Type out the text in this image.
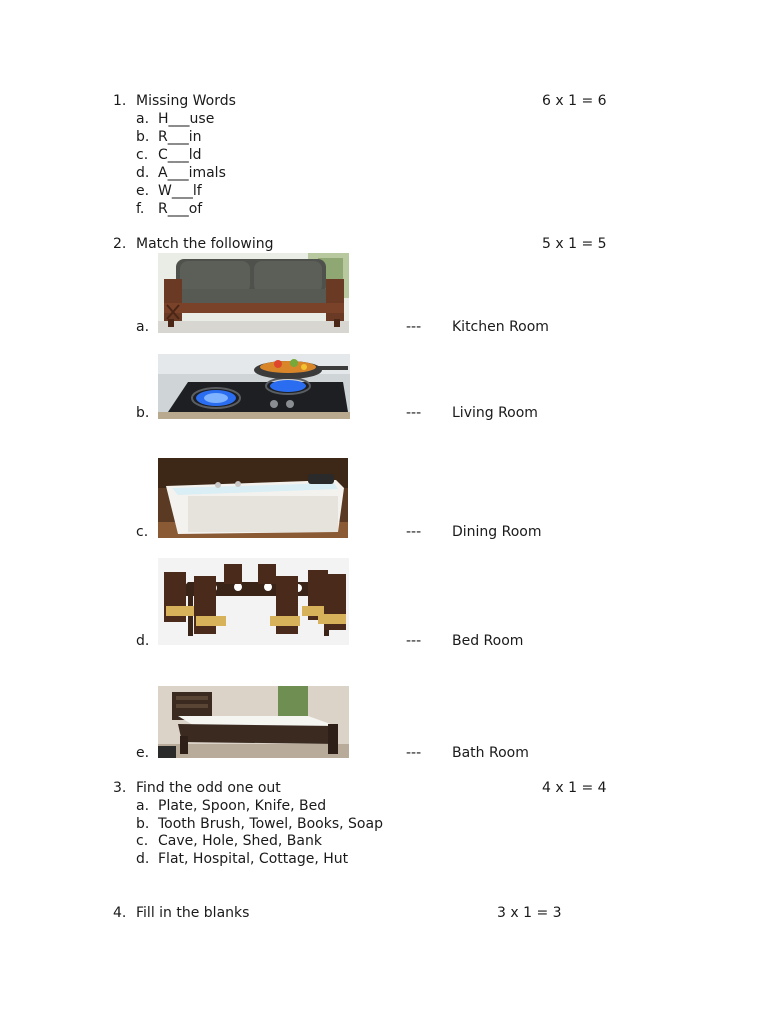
1. Missing Words	6 x 1 = 6
a. H___use
b. R___in
c. C___ld
d. A___imals
e. W___lf
f. R___of
2. Match the following	5 x 1 = 5
a.	--- Kitchen Room
b.	--- Living Room
c.	--- Dining Room
d.	--- Bed Room
e.	--- Bath Room
3. Find the odd one out	4 x 1 = 4
a. Plate, Spoon, Knife, Bed
b. Tooth Brush, Towel, Books, Soap
c. Cave, Hole, Shed, Bank
d. Flat, Hospital, Cottage, Hut
4. Fill in the blanks	3 x 1 = 3
